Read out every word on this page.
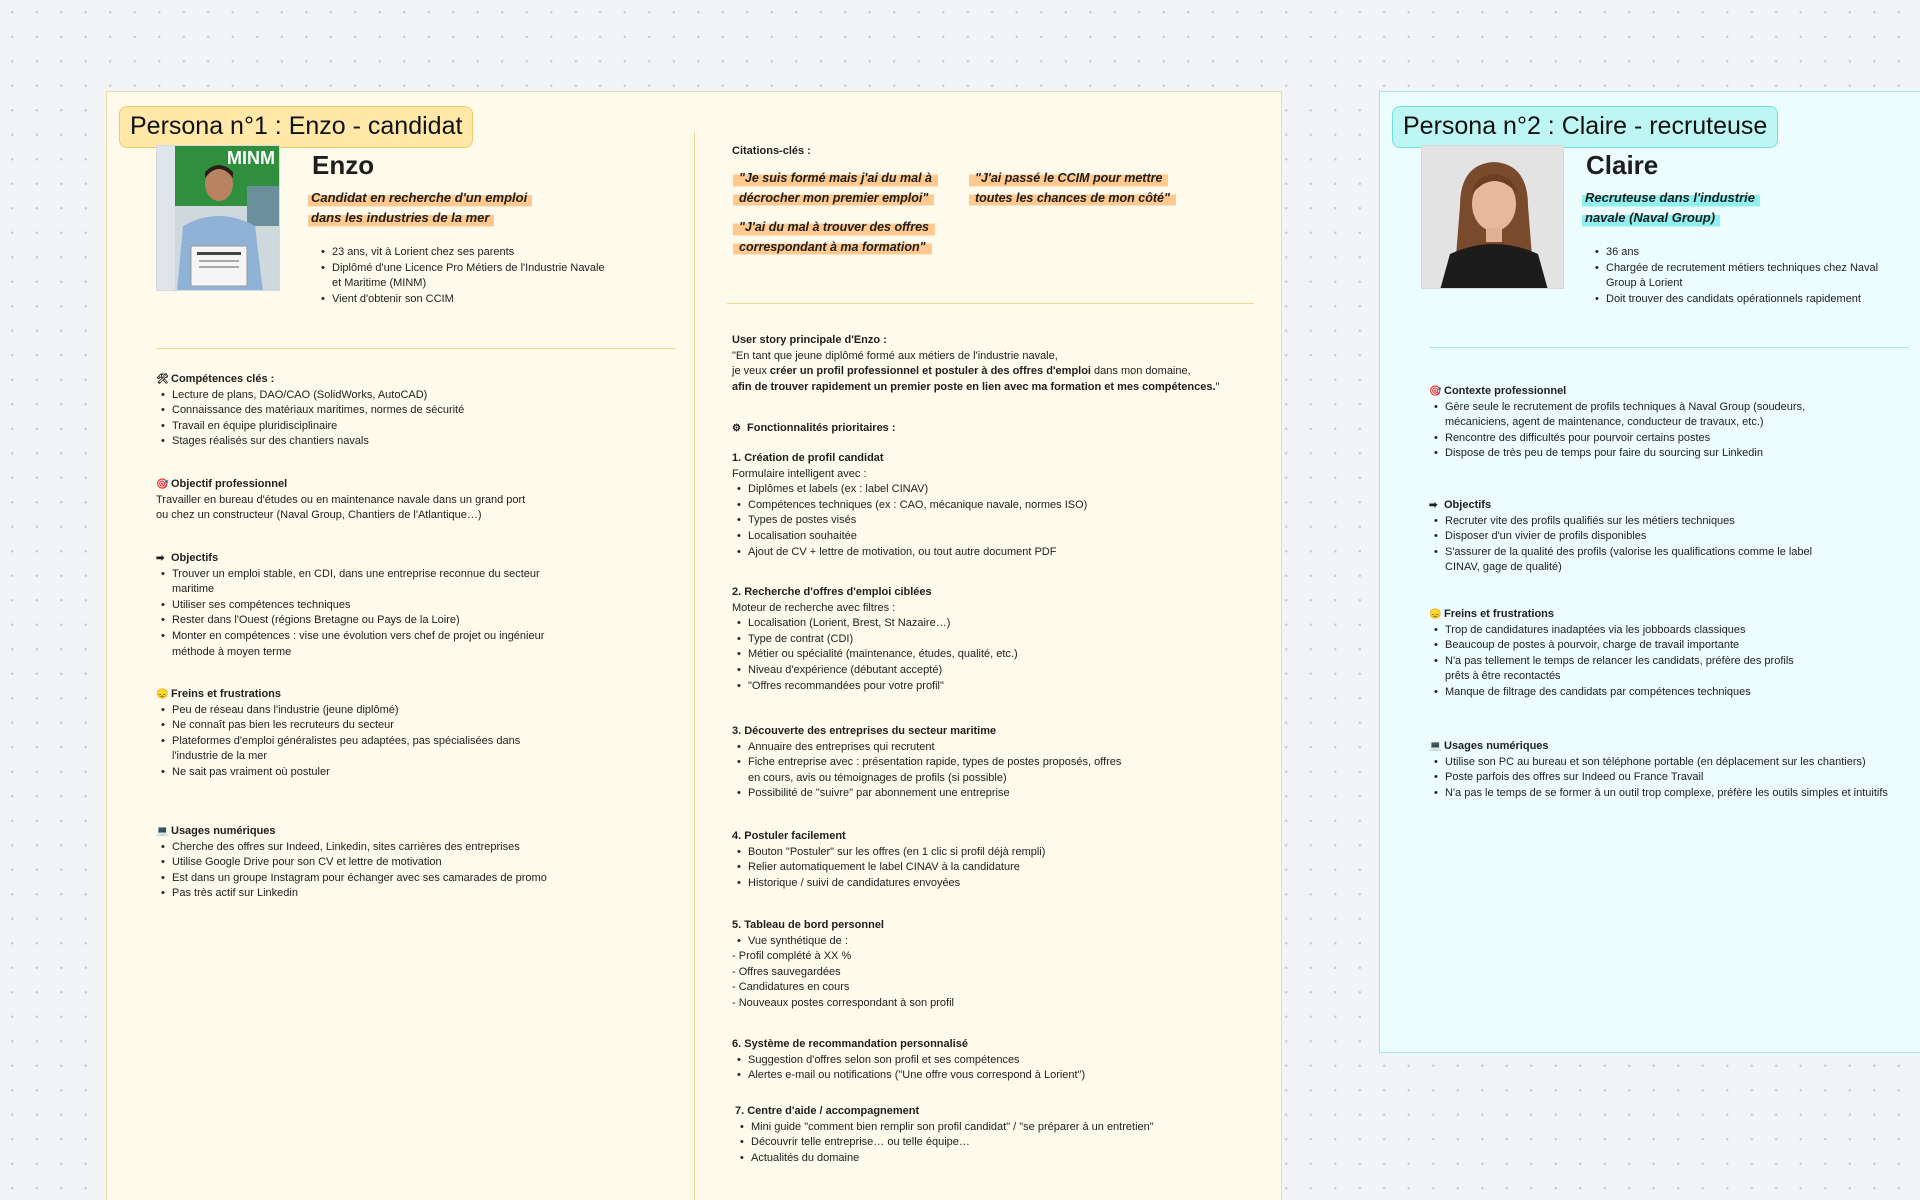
Persona n°1 : Enzo - candidat
MINM Enzo
Candidat en recherche d'un emploi
dans les industries de la mer
• 23 ans, vit à Lorient chez ses parents
• Diplômé d'une Licence Pro Métiers de l'Industrie Navale et Maritime (MINM)
• Vient d'obtenir son CCIM
🛠 Compétences clés :
• Lecture de plans, DAO/CAO (SolidWorks, AutoCAD)
• Connaissance des matériaux maritimes, normes de sécurité
• Travail en équipe pluridisciplinaire
• Stages réalisés sur des chantiers navals
🎯 Objectif professionnel
Travailler en bureau d'études ou en maintenance navale dans un grand port ou chez un constructeur (Naval Group, Chantiers de l'Atlantique…)
➡ Objectifs
• Trouver un emploi stable, en CDI, dans une entreprise reconnue du secteur maritime
• Utiliser ses compétences techniques
• Rester dans l'Ouest (régions Bretagne ou Pays de la Loire)
• Monter en compétences : vise une évolution vers chef de projet ou ingénieur méthode à moyen terme
😞 Freins et frustrations
• Peu de réseau dans l'industrie (jeune diplômé)
• Ne connaît pas bien les recruteurs du secteur
• Plateformes d'emploi généralistes peu adaptées, pas spécialisées dans l'industrie de la mer
• Ne sait pas vraiment où postuler
💻 Usages numériques
• Cherche des offres sur Indeed, Linkedin, sites carrières des entreprises
• Utilise Google Drive pour son CV et lettre de motivation
• Est dans un groupe Instagram pour échanger avec ses camarades de promo
• Pas très actif sur Linkedin
Citations-clés :
"Je suis formé mais j'ai du mal à
décrocher mon premier emploi"
"J'ai passé le CCIM pour mettre
toutes les chances de mon côté"
"J'ai du mal à trouver des offres
correspondant à ma formation"
User story principale d'Enzo :
"En tant que jeune diplômé formé aux métiers de l'industrie navale,
je veux créer un profil professionnel et postuler à des offres d'emploi dans mon domaine,
afin de trouver rapidement un premier poste en lien avec ma formation et mes compétences."
⚙ Fonctionnalités prioritaires :
1. Création de profil candidat
Formulaire intelligent avec :
• Diplômes et labels (ex : label CINAV)
• Compétences techniques (ex : CAO, mécanique navale, normes ISO)
• Types de postes visés
• Localisation souhaitée
• Ajout de CV + lettre de motivation, ou tout autre document PDF
2. Recherche d'offres d'emploi ciblées
Moteur de recherche avec filtres :
• Localisation (Lorient, Brest, St Nazaire…)
• Type de contrat (CDI)
• Métier ou spécialité (maintenance, études, qualité, etc.)
• Niveau d'expérience (débutant accepté)
• "Offres recommandées pour votre profil"
3. Découverte des entreprises du secteur maritime
• Annuaire des entreprises qui recrutent
• Fiche entreprise avec : présentation rapide, types de postes proposés, offres en cours, avis ou témoignages de profils (si possible)
• Possibilité de "suivre" par abonnement une entreprise
4. Postuler facilement
• Bouton "Postuler" sur les offres (en 1 clic si profil déjà rempli)
• Relier automatiquement le label CINAV à la candidature
• Historique / suivi de candidatures envoyées
5. Tableau de bord personnel
• Vue synthétique de :
- Profil complété à XX %
- Offres sauvegardées
- Candidatures en cours
- Nouveaux postes correspondant à son profil
6. Système de recommandation personnalisé
• Suggestion d'offres selon son profil et ses compétences
• Alertes e-mail ou notifications ("Une offre vous correspond à Lorient")
7. Centre d'aide / accompagnement
• Mini guide "comment bien remplir son profil candidat" / "se préparer à un entretien"
• Découvrir telle entreprise… ou telle équipe…
• Actualités du domaine
Persona n°2 : Claire - recruteuse
Claire
Recruteuse dans l'industrie
navale (Naval Group)
• 36 ans
• Chargée de recrutement métiers techniques chez Naval Group à Lorient
• Doit trouver des candidats opérationnels rapidement
🎯 Contexte professionnel
• Gère seule le recrutement de profils techniques à Naval Group (soudeurs, mécaniciens, agent de maintenance, conducteur de travaux, etc.)
• Rencontre des difficultés pour pourvoir certains postes
• Dispose de très peu de temps pour faire du sourcing sur Linkedin
➡ Objectifs
• Recruter vite des profils qualifiés sur les métiers techniques
• Disposer d'un vivier de profils disponibles
• S'assurer de la qualité des profils (valorise les qualifications comme le label CINAV, gage de qualité)
😞 Freins et frustrations
• Trop de candidatures inadaptées via les jobboards classiques
• Beaucoup de postes à pourvoir, charge de travail importante
• N'a pas tellement le temps de relancer les candidats, préfère des profils prêts à être recontactés
• Manque de filtrage des candidats par compétences techniques
💻 Usages numériques
• Utilise son PC au bureau et son téléphone portable (en déplacement sur les chantiers)
• Poste parfois des offres sur Indeed ou France Travail
• N'a pas le temps de se former à un outil trop complexe, préfère les outils simples et intuitifs
